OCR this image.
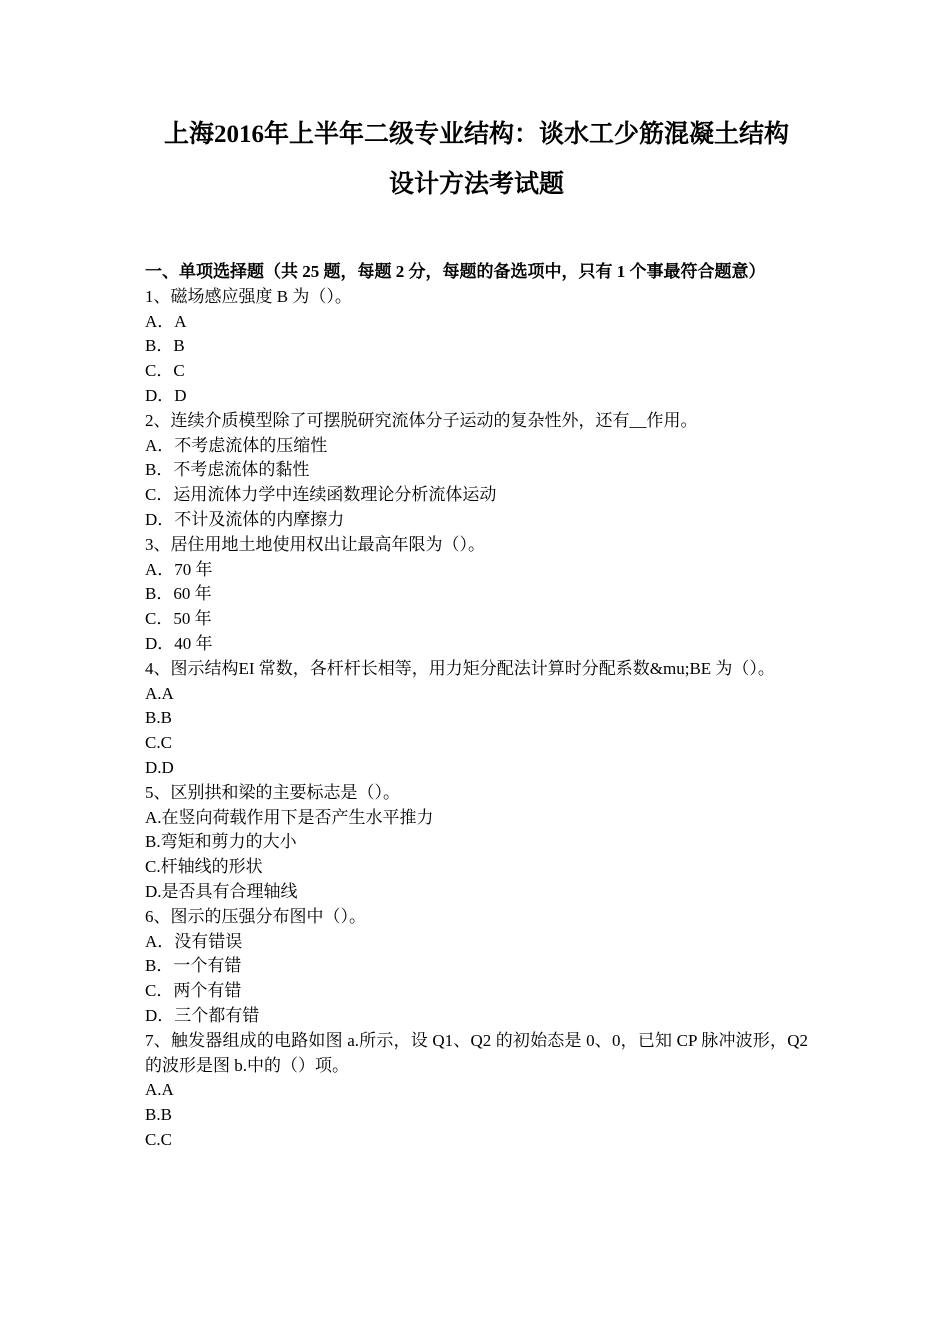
上海2016年上半年二级专业结构：谈水工少筋混凝土结构
设计方法考试题
一、单项选择题（共 25 题，每题 2 分，每题的备选项中，只有 1 个事最符合题意）
1、磁场感应强度 B 为（）。
A．A
B．B
C．C
D．D
2、连续介质模型除了可摆脱研究流体分子运动的复杂性外，还有__作用。
A．不考虑流体的压缩性
B．不考虑流体的黏性
C．运用流体力学中连续函数理论分析流体运动
D．不计及流体的内摩擦力
3、居住用地土地使用权出让最高年限为（）。
A．70 年
B．60 年
C．50 年
D．40 年
4、图示结构EI 常数，各杆杆长相等，用力矩分配法计算时分配系数&mu;BE 为（）。
A.A
B.B
C.C
D.D
5、区别拱和梁的主要标志是（）。
A.在竖向荷载作用下是否产生水平推力
B.弯矩和剪力的大小
C.杆轴线的形状
D.是否具有合理轴线
6、图示的压强分布图中（）。
A．没有错误
B．一个有错
C．两个有错
D．三个都有错
7、触发器组成的电路如图 a.所示，设 Q1、Q2 的初始态是 0、0，已知 CP 脉冲波形，Q2 的波形是图 b.中的（）项。
A.A
B.B
C.C
